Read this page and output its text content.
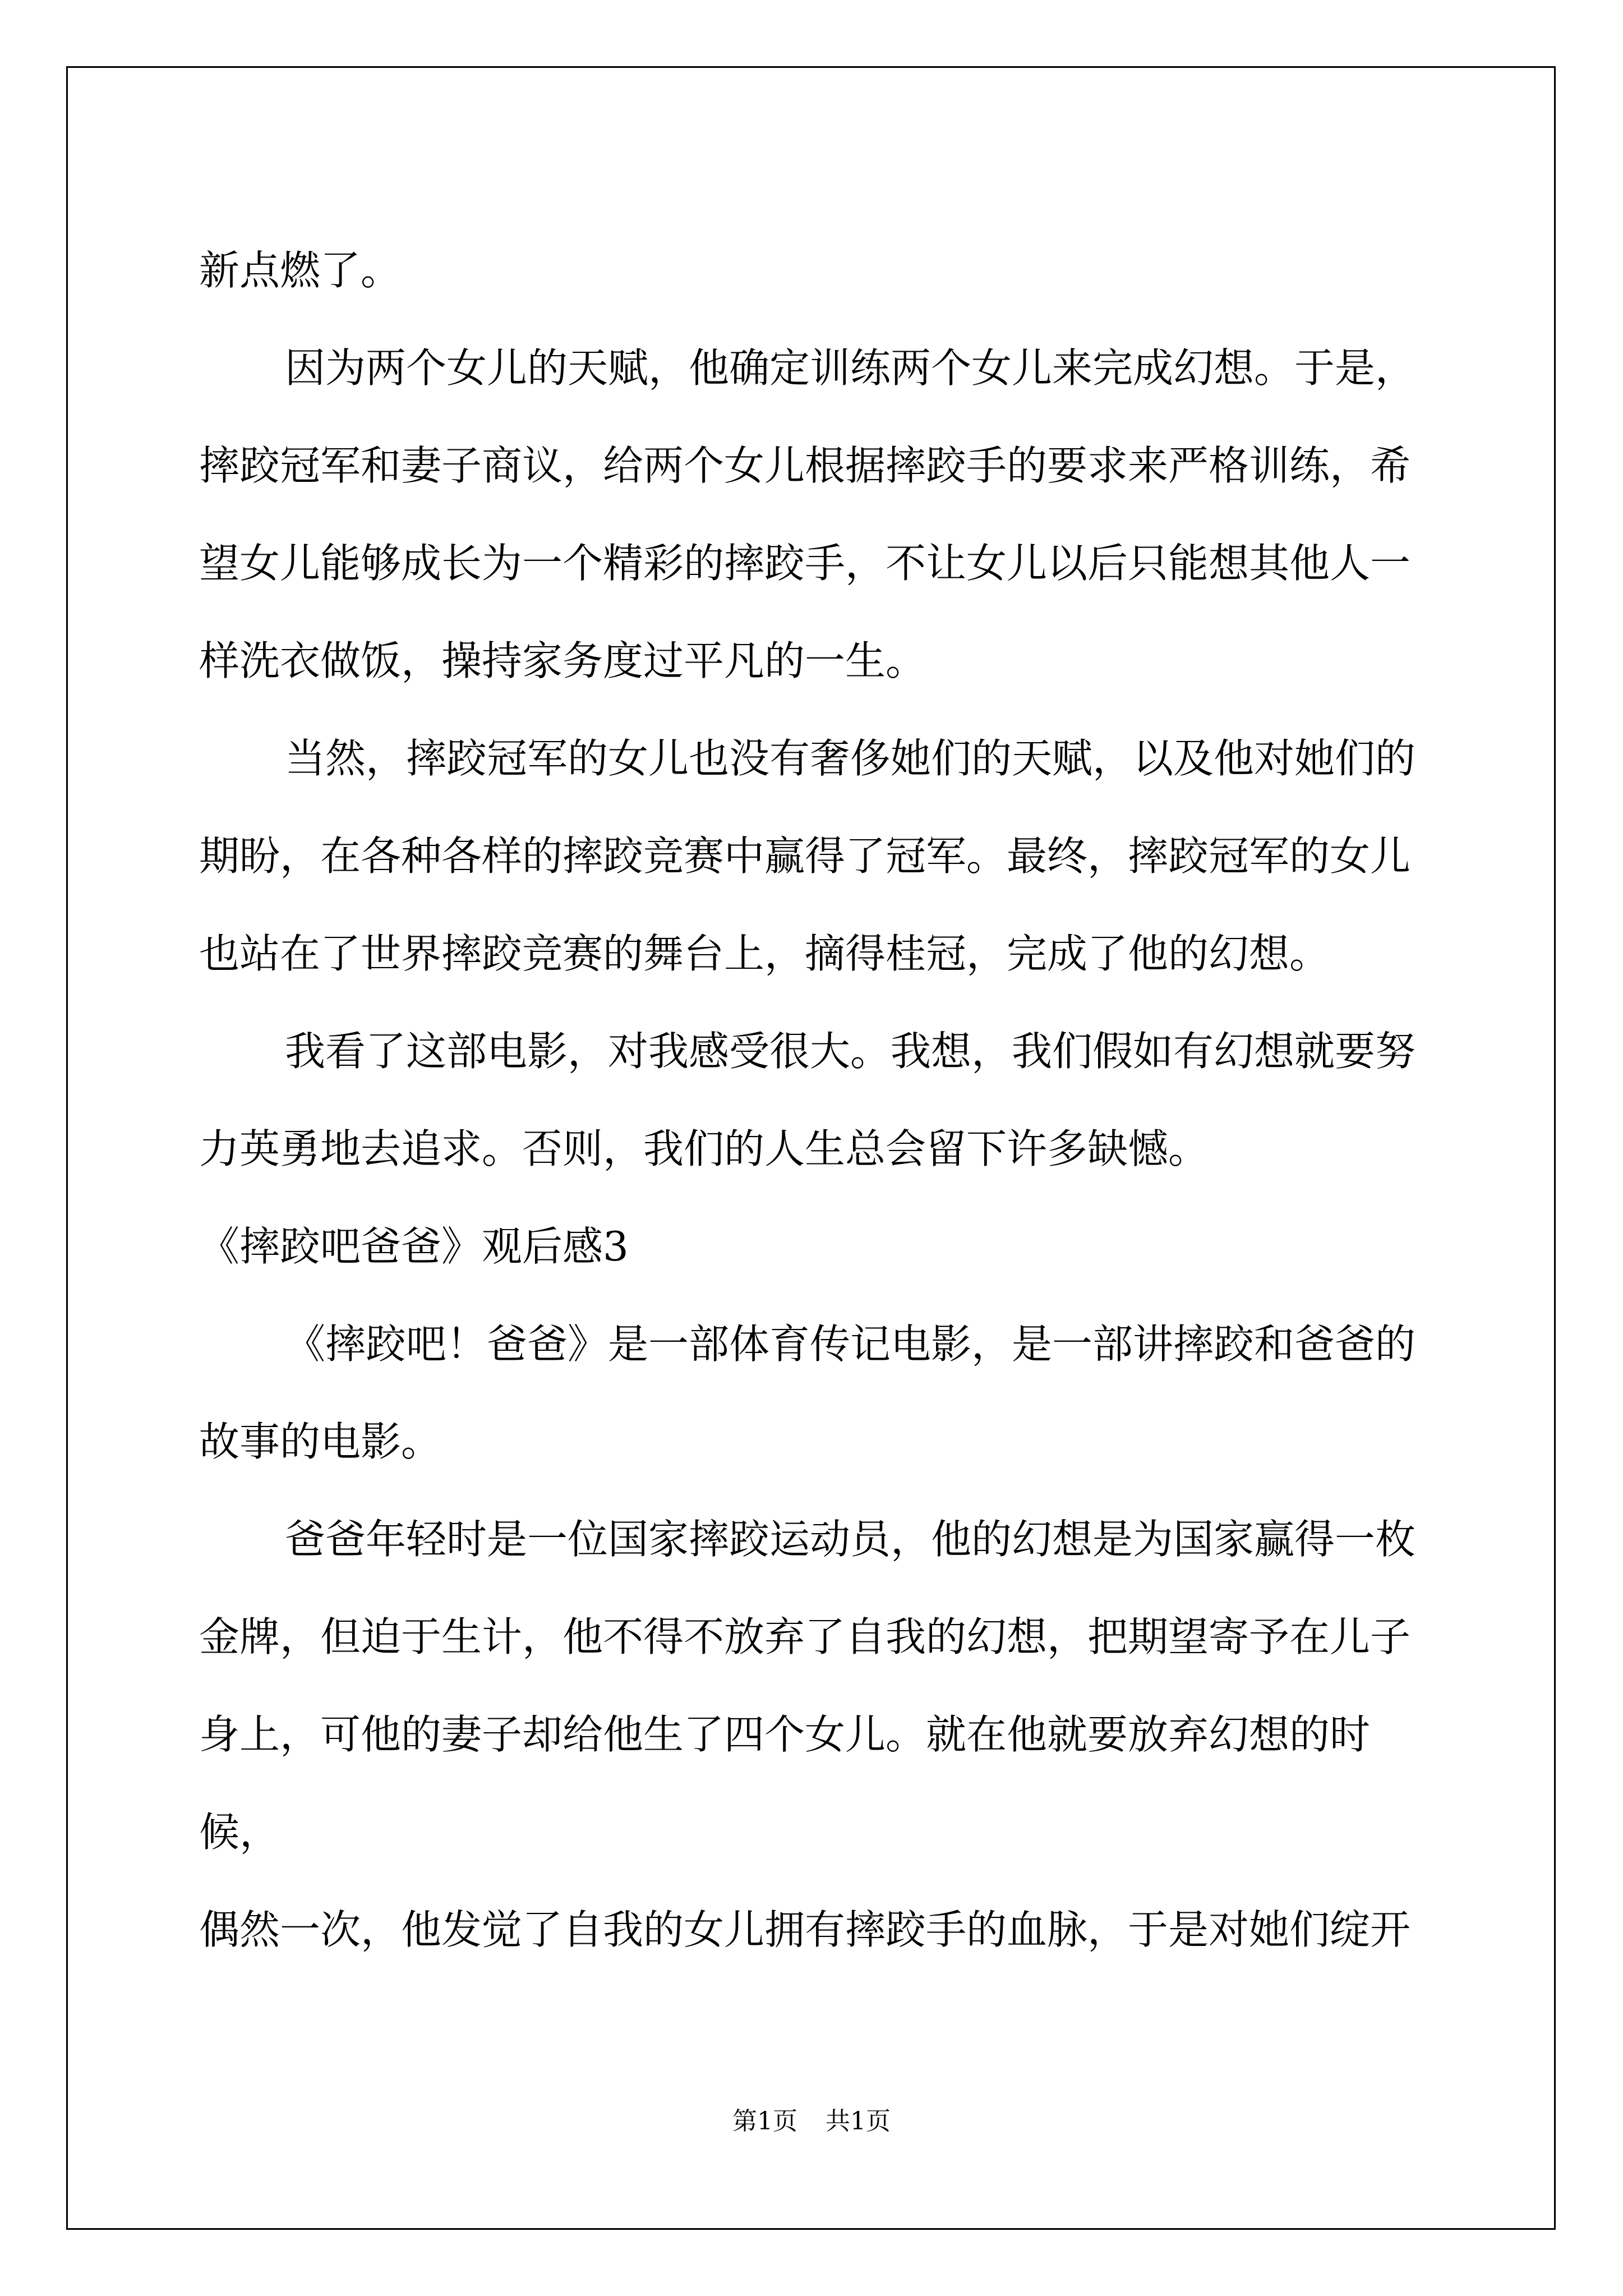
新点燃了。

因为两个女儿的天赋，他确定训练两个女儿来完成幻想。于是，

摔跤冠军和妻子商议，给两个女儿根据摔跤手的要求来严格训练，希

望女儿能够成长为一个精彩的摔跤手，不让女儿以后只能想其他人一

样洗衣做饭，操持家务度过平凡的一生。

当然，摔跤冠军的女儿也没有奢侈她们的天赋，以及他对她们的

期盼，在各种各样的摔跤竞赛中赢得了冠军。最终，摔跤冠军的女儿

也站在了世界摔跤竞赛的舞台上，摘得桂冠，完成了他的幻想。

我看了这部电影，对我感受很大。我想，我们假如有幻想就要努

力英勇地去追求。否则，我们的人生总会留下许多缺憾。

《摔跤吧爸爸》观后感3

《摔跤吧！爸爸》是一部体育传记电影，是一部讲摔跤和爸爸的

故事的电影。

爸爸年轻时是一位国家摔跤运动员，他的幻想是为国家赢得一枚

金牌，但迫于生计，他不得不放弃了自我的幻想，把期望寄予在儿子

身上，可他的妻子却给他生了四个女儿。就在他就要放弃幻想的时候，

偶然一次，他发觉了自我的女儿拥有摔跤手的血脉，于是对她们绽开

第1页 共1页
